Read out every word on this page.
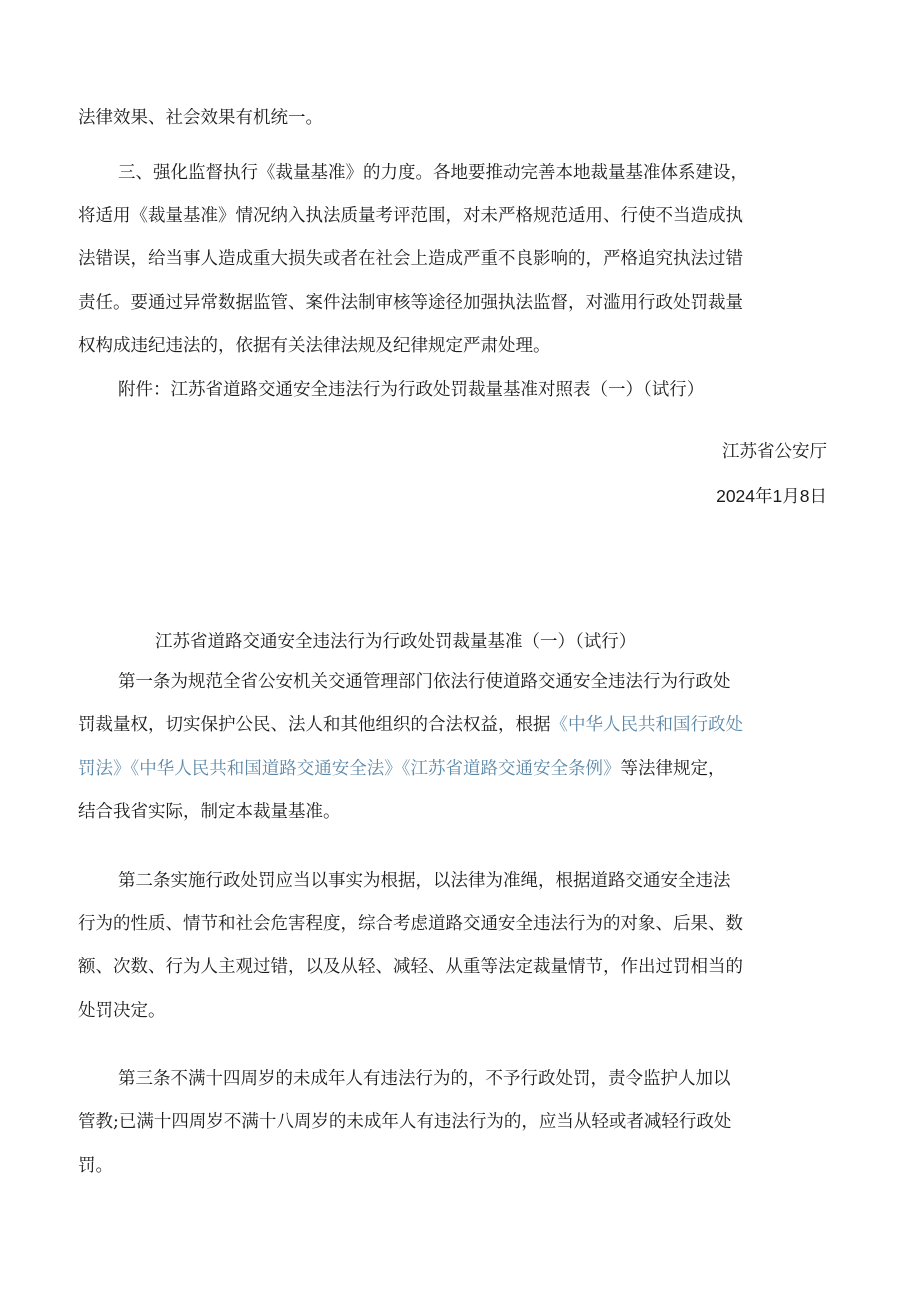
法律效果、社会效果有机统一。
三、强化监督执行《裁量基准》的力度。各地要推动完善本地裁量基准体系建设，
将适用《裁量基准》情况纳入执法质量考评范围，对未严格规范适用、行使不当造成执
法错误，给当事人造成重大损失或者在社会上造成严重不良影响的，严格追究执法过错
责任。要通过异常数据监管、案件法制审核等途径加强执法监督，对滥用行政处罚裁量
权构成违纪违法的，依据有关法律法规及纪律规定严肃处理。
附件：江苏省道路交通安全违法行为行政处罚裁量基准对照表（一）（试行）
江苏省公安厅
2024年1月8日
江苏省道路交通安全违法行为行政处罚裁量基准（一）（试行）
第一条为规范全省公安机关交通管理部门依法行使道路交通安全违法行为行政处
罚裁量权，切实保护公民、法人和其他组织的合法权益，根据《中华人民共和国行政处
罚法》《中华人民共和国道路交通安全法》《江苏省道路交通安全条例》等法律规定，
结合我省实际，制定本裁量基准。
第二条实施行政处罚应当以事实为根据，以法律为准绳，根据道路交通安全违法
行为的性质、情节和社会危害程度，综合考虑道路交通安全违法行为的对象、后果、数
额、次数、行为人主观过错，以及从轻、减轻、从重等法定裁量情节，作出过罚相当的
处罚决定。
第三条不满十四周岁的未成年人有违法行为的，不予行政处罚，责令监护人加以
管教;已满十四周岁不满十八周岁的未成年人有违法行为的，应当从轻或者减轻行政处
罚。
